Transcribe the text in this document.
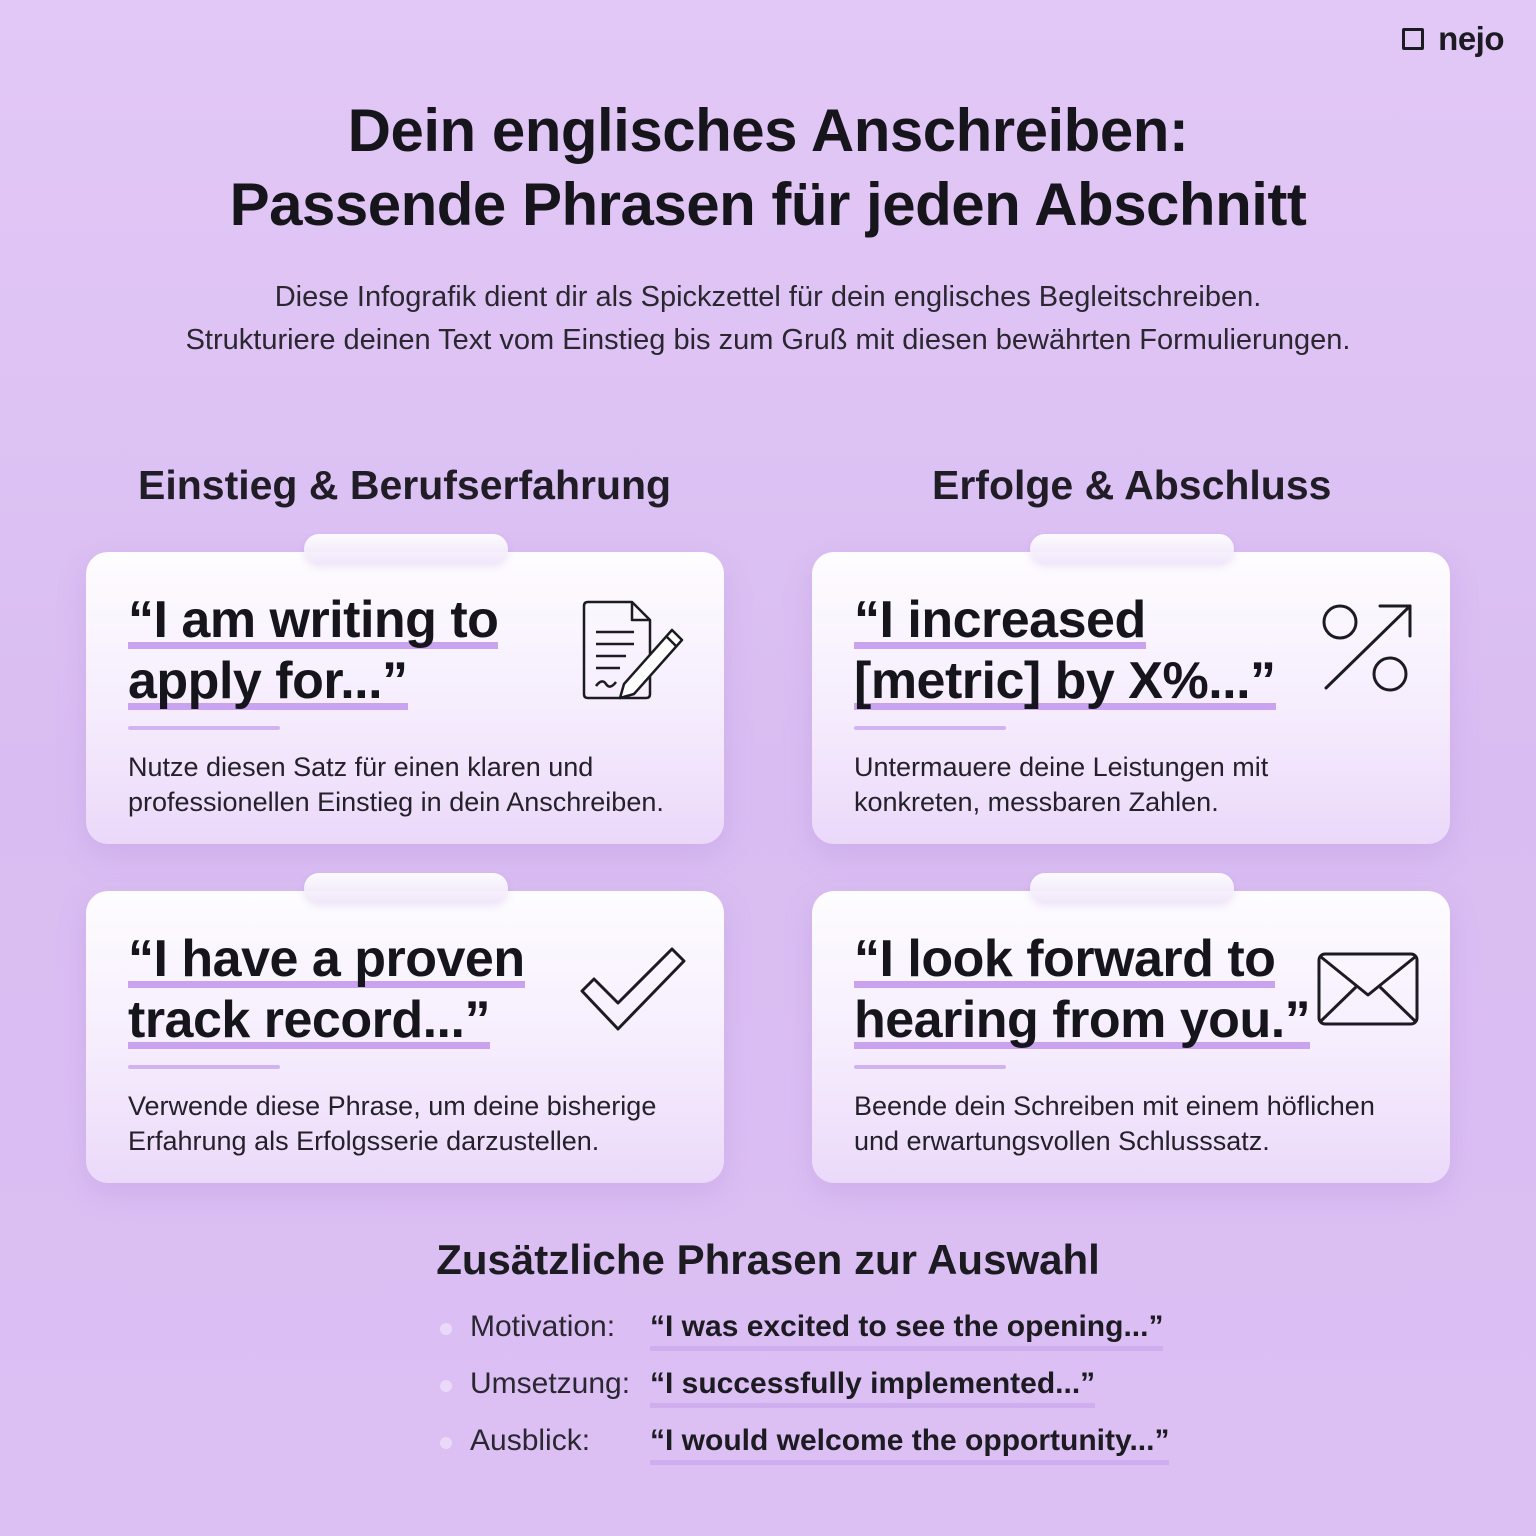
nejo
Dein englisches Anschreiben:
Passende Phrasen für jeden Abschnitt
Diese Infografik dient dir als Spickzettel für dein englisches Begleitschreiben.
Strukturiere deinen Text vom Einstieg bis zum Gruß mit diesen bewährten Formulierungen.
Einstieg & Berufserfahrung	Erfolge & Abschluss
“I am writing to
apply for...”
Nutze diesen Satz für einen klaren und
professionellen Einstieg in dein Anschreiben.
“I increased
[metric] by X%...”
Untermauere deine Leistungen mit
konkreten, messbaren Zahlen.
“I have a proven
track record...”
Verwende diese Phrase, um deine bisherige
Erfahrung als Erfolgsserie darzustellen.
“I look forward to
hearing from you.”
Beende dein Schreiben mit einem höflichen
und erwartungsvollen Schlusssatz.
Zusätzliche Phrasen zur Auswahl
Motivation: “I was excited to see the opening...”
Umsetzung: “I successfully implemented...”
Ausblick: “I would welcome the opportunity...”
